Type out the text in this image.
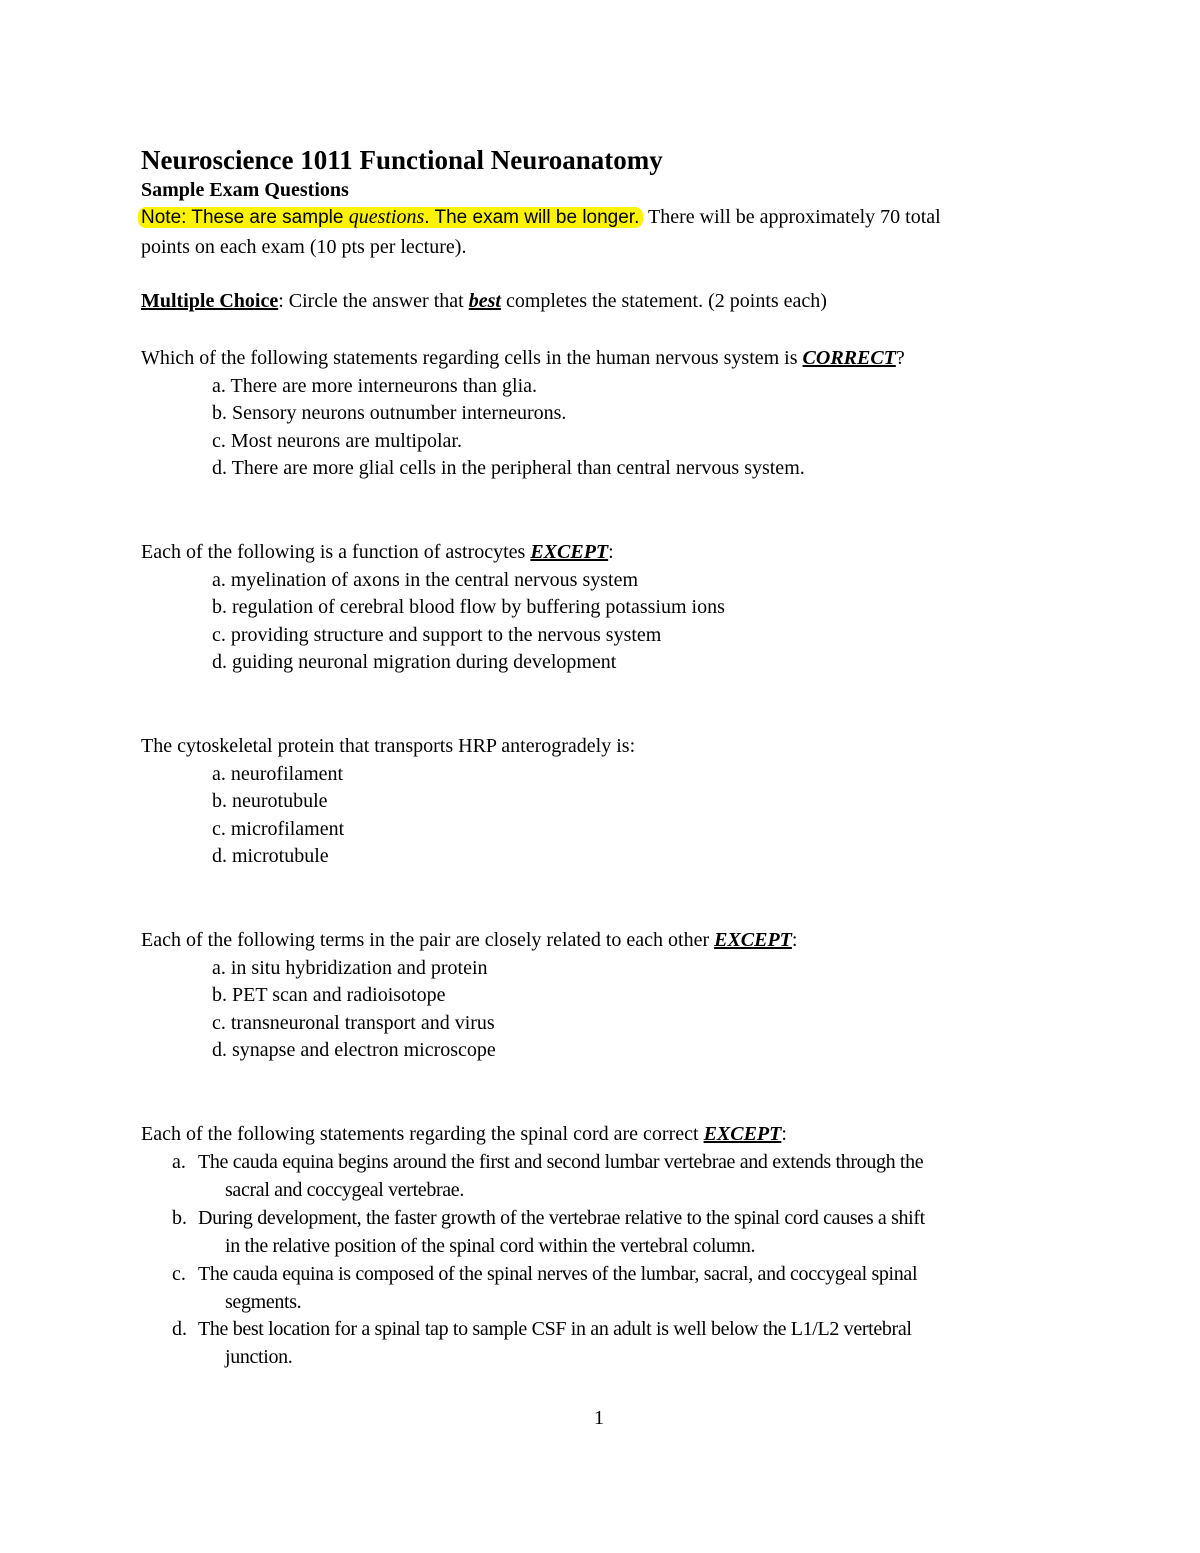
Neuroscience 1011 Functional Neuroanatomy
Sample Exam Questions
Note: These are sample questions. The exam will be longer. There will be approximately 70 total
points on each exam (10 pts per lecture).
Multiple Choice: Circle the answer that best completes the statement. (2 points each)
Which of the following statements regarding cells in the human nervous system is CORRECT?
a. There are more interneurons than glia.
b. Sensory neurons outnumber interneurons.
c. Most neurons are multipolar.
d. There are more glial cells in the peripheral than central nervous system.
Each of the following is a function of astrocytes EXCEPT:
a. myelination of axons in the central nervous system
b. regulation of cerebral blood flow by buffering potassium ions
c. providing structure and support to the nervous system
d. guiding neuronal migration during development
The cytoskeletal protein that transports HRP anterogradely is:
a. neurofilament
b. neurotubule
c. microfilament
d. microtubule
Each of the following terms in the pair are closely related to each other EXCEPT:
a. in situ hybridization and protein
b. PET scan and radioisotope
c. transneuronal transport and virus
d. synapse and electron microscope
Each of the following statements regarding the spinal cord are correct EXCEPT:
a. The cauda equina begins around the first and second lumbar vertebrae and extends through the
sacral and coccygeal vertebrae.
b. During development, the faster growth of the vertebrae relative to the spinal cord causes a shift
in the relative position of the spinal cord within the vertebral column.
c. The cauda equina is composed of the spinal nerves of the lumbar, sacral, and coccygeal spinal
segments.
d. The best location for a spinal tap to sample CSF in an adult is well below the L1/L2 vertebral
junction.
1
